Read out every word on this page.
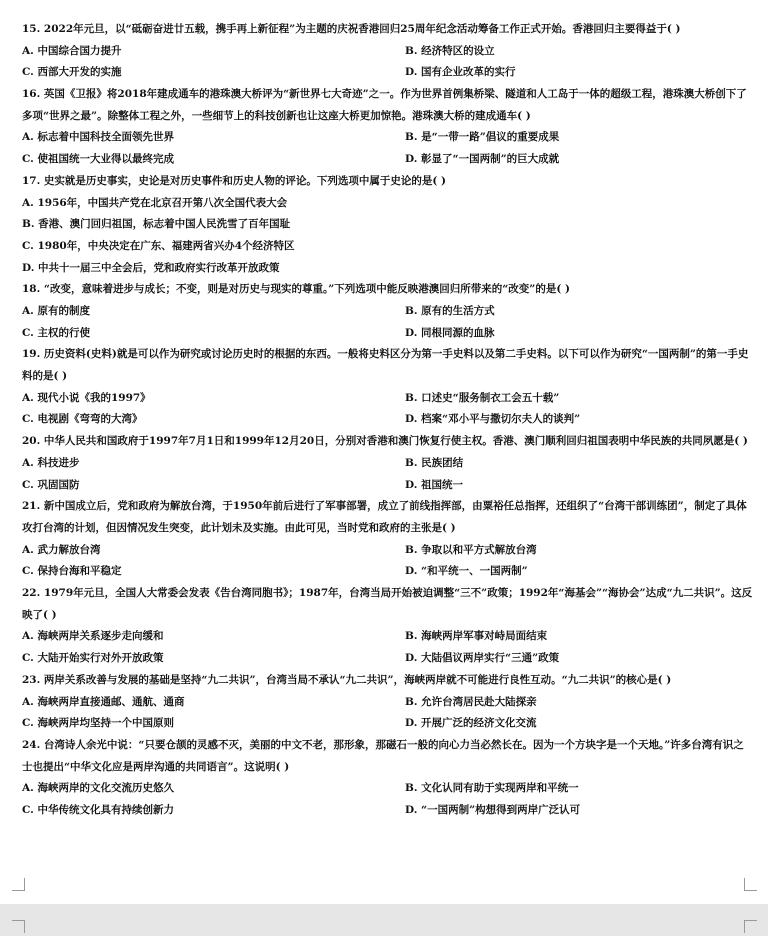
15. 2022年元旦，以“砥砺奋进廿五载，携手再上新征程”为主题的庆祝香港回归25周年纪念活动筹备工作正式开始。香港回归主要得益于( )
A. 中国综合国力提升	B. 经济特区的设立
C. 西部大开发的实施	D. 国有企业改革的实行
16. 英国《卫报》将2018年建成通车的港珠澳大桥评为“新世界七大奇迹”之一。作为世界首例集桥梁、隧道和人工岛于一体的超级工程，港珠澳大桥创下了多项“世界之最”。除整体工程之外，一些细节上的科技创新也让这座大桥更加惊艳。港珠澳大桥的建成通车( )
A. 标志着中国科技全面领先世界	B. 是“一带一路”倡议的重要成果
C. 使祖国统一大业得以最终完成	D. 彰显了“一国两制”的巨大成就
17. 史实就是历史事实，史论是对历史事件和历史人物的评论。下列选项中属于史论的是( )
A. 1956年，中国共产党在北京召开第八次全国代表大会
B. 香港、澳门回归祖国，标志着中国人民洗雪了百年国耻
C. 1980年，中央决定在广东、福建两省兴办4个经济特区
D. 中共十一届三中全会后，党和政府实行改革开放政策
18. “改变，意味着进步与成长；不变，则是对历史与现实的尊重。”下列选项中能反映港澳回归所带来的“改变”的是( )
A. 原有的制度	B. 原有的生活方式
C. 主权的行使	D. 同根同源的血脉
19. 历史资料(史料)就是可以作为研究或讨论历史时的根据的东西。一般将史料区分为第一手史料以及第二手史料。以下可以作为研究“一国两制”的第一手史料的是( )
A. 现代小说《我的1997》	B. 口述史“服务制衣工会五十载”
C. 电视剧《弯弯的大湾》	D. 档案“邓小平与撒切尔夫人的谈判”
20. 中华人民共和国政府于1997年7月1日和1999年12月20日，分别对香港和澳门恢复行使主权。香港、澳门顺利回归祖国表明中华民族的共同夙愿是( )
A. 科技进步	B. 民族团结
C. 巩固国防	D. 祖国统一
21. 新中国成立后，党和政府为解放台湾，于1950年前后进行了军事部署，成立了前线指挥部，由粟裕任总指挥，还组织了“台湾干部训练团”，制定了具体攻打台湾的计划，但因情况发生突变，此计划未及实施。由此可见，当时党和政府的主张是( )
A. 武力解放台湾	B. 争取以和平方式解放台湾
C. 保持台海和平稳定	D. “和平统一、一国两制”
22. 1979年元旦，全国人大常委会发表《告台湾同胞书》；1987年，台湾当局开始被迫调整“三不”政策；1992年“海基会”“海协会”达成“九二共识”。这反映了( )
A. 海峡两岸关系逐步走向缓和	B. 海峡两岸军事对峙局面结束
C. 大陆开始实行对外开放政策	D. 大陆倡议两岸实行“三通”政策
23. 两岸关系改善与发展的基础是坚持“九二共识”，台湾当局不承认“九二共识”，海峡两岸就不可能进行良性互动。“九二共识”的核心是( )
A. 海峡两岸直接通邮、通航、通商	B. 允许台湾居民赴大陆探亲
C. 海峡两岸均坚持一个中国原则	D. 开展广泛的经济文化交流
24. 台湾诗人余光中说：“只要仓颉的灵感不灭，美丽的中文不老，那形象，那磁石一般的向心力当必然长在。因为一个方块字是一个天地。”许多台湾有识之士也提出“中华文化应是两岸沟通的共同语言”。这说明( )
A. 海峡两岸的文化交流历史悠久	B. 文化认同有助于实现两岸和平统一
C. 中华传统文化具有持续创新力	D. “一国两制”构想得到两岸广泛认可
